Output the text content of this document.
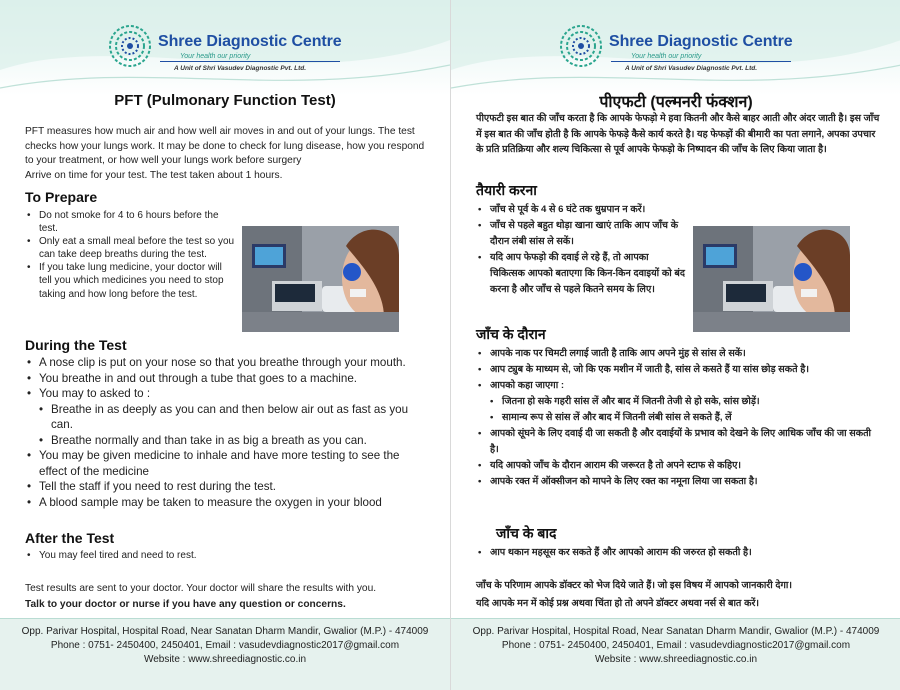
Shree Diagnostic Centre
Your health our priority
A Unit of Shri Vasudev Diagnostic Pvt. Ltd.
PFT (Pulmonary Function Test)
PFT measures how much air and how well air moves in and out of your lungs. The test checks how your lungs work. It may be done to check for lung disease, how you respond to your treatment, or how well your lungs work before surgery
Arrive on time for your test. The test taken about 1 hours.
To Prepare
• Do not smoke for 4 to 6 hours before the test.
• Only eat a small meal before the test so you can take deep breaths during the test.
• If you take lung medicine, your doctor will tell you which medicines you need to stop taking and how long before the test.
During the Test
• A nose clip is put on your nose so that you breathe through your mouth.
• You breathe in and out through a tube that goes to a machine.
• You may to asked to :
• Breathe in as deeply as you can and then below air out as fast as you can.
• Breathe normally and than take in as big a breath as you can.
• You may be given medicine to inhale and have more testing to see the effect of the medicine
• Tell the staff if you need to rest during the test.
• A blood sample may be taken to measure the oxygen in your blood
After the Test
• You may feel tired and need to rest.
Test results are sent to your doctor. Your doctor will share the results with you.
Talk to your doctor or nurse if you have any question or concerns.
Opp. Parivar Hospital, Hospital Road, Near Sanatan Dharm Mandir, Gwalior (M.P.) - 474009
Phone : 0751- 2450400, 2450401, Email : vasudevdiagnostic2017@gmail.com
Website : www.shreediagnostic.co.in
Shree Diagnostic Centre
Your health our priority
A Unit of Shri Vasudev Diagnostic Pvt. Ltd.
पीएफटी (पल्मनरी फंक्शन)
पीएफटी इस बात की जाँच करता है कि आपके फेफड़ो मे हवा कितनी और कैसे बाहर आती और अंदर जाती है। इस जाँच में इस बात की जाँच होती है कि आपके फेफड़े कैसे कार्य करते है। यह फेफड़ों की बीमारी का पता लगाने, अपका उपचार के प्रति प्रतिक्रिया और शल्य चिकित्सा से पूर्व आपके फेफड़ो के निष्पादन की जाँच के लिए किया जाता है।
तैयारी करना
• जाँच से पूर्व के 4 से 6 घंटे तक धुम्रपान न करें।
• जाँच से पहले बहुत थोड़ा खाना खाएं ताकि आप जाँच के दौरान लंबी सांस ले सकें।
• यदि आप फेफड़ो की दवाई ले रहे हैं, तो आपका चिकित्सक आपको बताएगा कि किन-किन दवाइयों को बंद करना है और जाँच से पहले कितने समय के लिए।
जाँच के दौरान
• आपके नाक पर चिमटी लगाई जाती है ताकि आप अपने मुंह से सांस ले सकें।
• आप ट्युब के माध्यम से, जो कि एक मशीन में जाती है, सांस ले कसते हैं या सांस छोड़ सकते है।
• आपको कहा जाएगा :
• जितना हो सके गहरी सांस लें और बाद में जितनी तेजी से हो सके, सांस छोड़ें।
• सामान्य रूप से सांस लें और बाद में जितनी लंबी सांस ले सकते हैं, लें
• आपको सूंघने के लिए दवाई दी जा सकती है और दवाईयों के प्रभाव को देखने के लिए आधिक जाँच की जा सकती है।
• यदि आपको जाँच के दौरान आराम की जरूरत है तो अपने स्टाफ से कहिए।
• आपके रक्त में ऑक्सीजन को मापने के लिए रक्त का नमूना लिया जा सकता है।
जाँच के बाद
• आप थकान महसूस कर सकते हैं और आपको आराम की जरुरत हो सकती है।
जाँच के परिणाम आपके डॉक्टर को भेज दिये जाते हैं। जो इस विषय में आपको जानकारी देगा।
यदि आपके मन में कोई प्रश्न अथवा चिंता हो तो अपने डॉक्टर अथवा नर्स से बात करें।
Opp. Parivar Hospital, Hospital Road, Near Sanatan Dharm Mandir, Gwalior (M.P.) - 474009
Phone : 0751- 2450400, 2450401, Email : vasudevdiagnostic2017@gmail.com
Website : www.shreediagnostic.co.in
